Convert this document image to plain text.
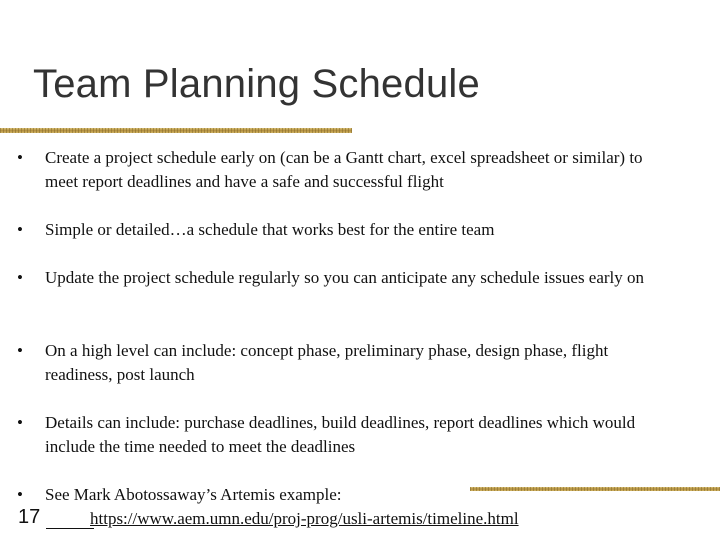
Team Planning Schedule
•	Create a project schedule early on (can be a Gantt chart, excel spreadsheet or similar) to meet report deadlines and have a safe and successful flight
•	Simple or detailed…a schedule that works best for the entire team
•	Update the project schedule regularly so you can anticipate any schedule issues early on
•	On a high level can include: concept phase, preliminary phase, design phase, flight readiness, post launch
•	Details can include: purchase deadlines, build deadlines, report deadlines which would include the time needed to meet the deadlines
•	See Mark Abotossaway’s Artemis example:
https://www.aem.umn.edu/proj-prog/usli-artemis/timeline.html
17
